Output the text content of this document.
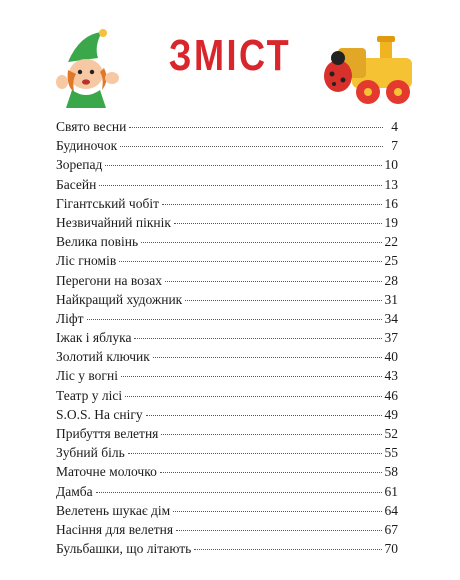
ЗМІСТ
Свято весни	4
Будиночок	7
Зорепад	10
Басейн	13
Гігантський чобіт	16
Незвичайний пікнік	19
Велика повінь	22
Ліс гномів	25
Перегони на возах	28
Найкращий художник	31
Ліфт	34
Іжак і яблука	37
Золотий ключик	40
Ліс у вогні	43
Театр у лісі	46
S.O.S. На снігу	49
Прибуття велетня	52
Зубний біль	55
Маточне молочко	58
Дамба	61
Велетень шукає дім	64
Насіння для велетня	67
Бульбашки, що літають	70
